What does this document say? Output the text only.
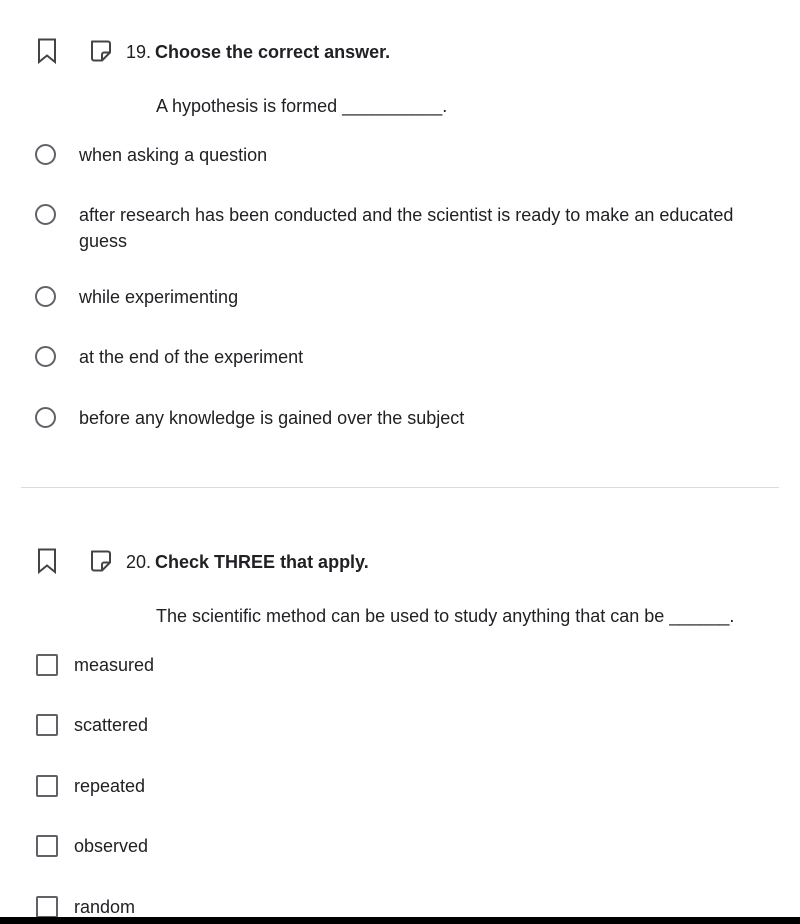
19. Choose the correct answer.
A hypothesis is formed __________.
when asking a question
after research has been conducted and the scientist is ready to make an educated guess
while experimenting
at the end of the experiment
before any knowledge is gained over the subject
20. Check THREE that apply.
The scientific method can be used to study anything that can be ______.
measured
scattered
repeated
observed
random
